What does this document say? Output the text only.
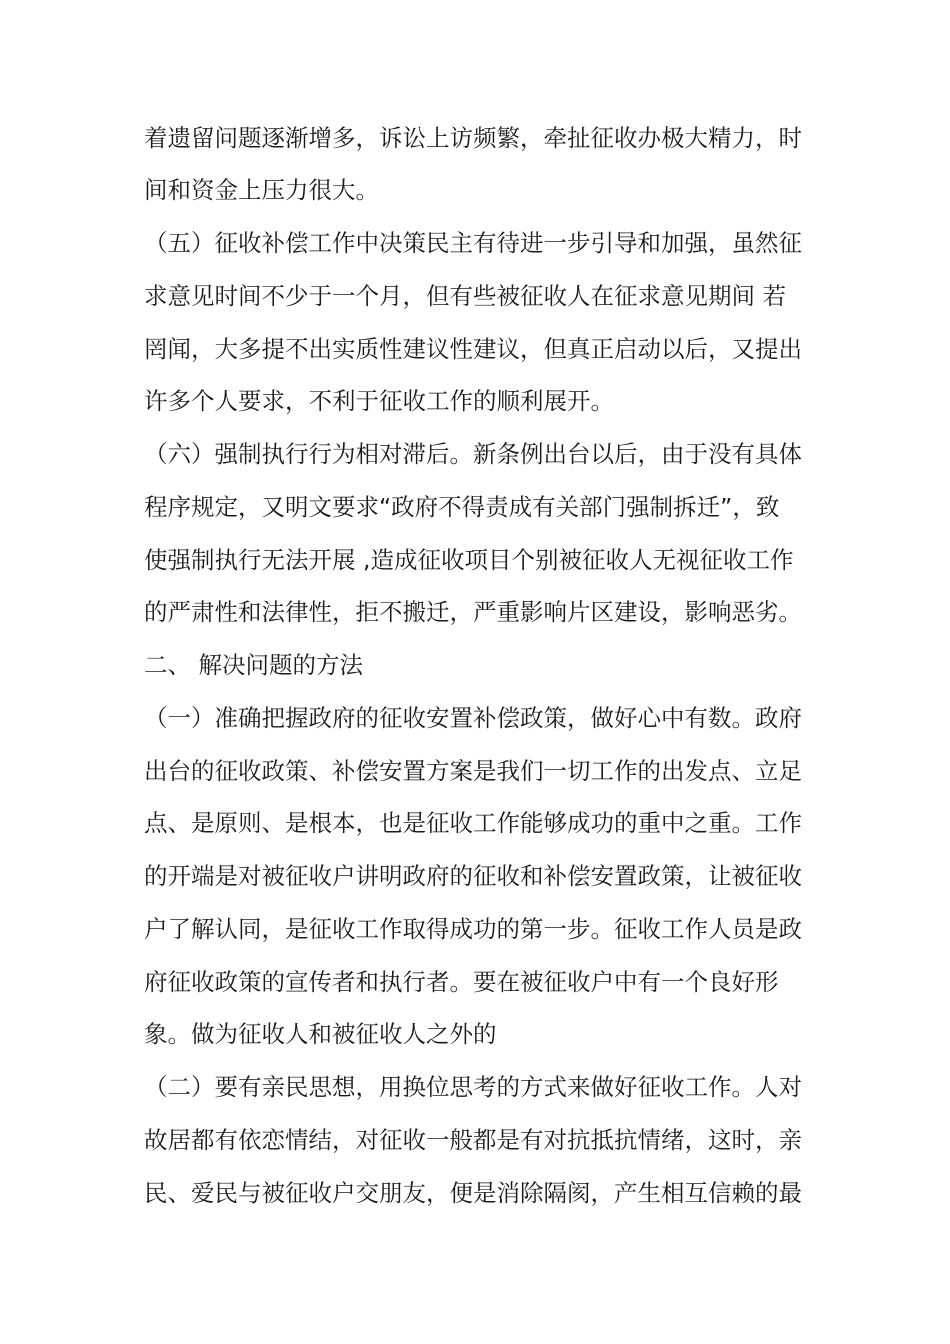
着遗留问题逐渐增多，诉讼上访频繁，牵扯征收办极大精力，时
间和资金上压力很大。
（五）征收补偿工作中决策民主有待进一步引导和加强，虽然征
求意见时间不少于一个月，但有些被征收人在征求意见期间 若
罔闻，大多提不出实质性建议性建议，但真正启动以后，又提出
许多个人要求，不利于征收工作的顺利展开。
（六）强制执行行为相对滞后。新条例出台以后，由于没有具体
程序规定，又明文要求“政府不得责成有关部门强制拆迁”，致
使强制执行无法开展 ,造成征收项目个别被征收人无视征收工作
的严肃性和法律性，拒不搬迁，严重影响片区建设，影响恶劣。
二、 解决问题的方法
（一）准确把握政府的征收安置补偿政策，做好心中有数。政府
出台的征收政策、补偿安置方案是我们一切工作的出发点、立足
点、是原则、是根本，也是征收工作能够成功的重中之重。工作
的开端是对被征收户讲明政府的征收和补偿安置政策，让被征收
户了解认同，是征收工作取得成功的第一步。征收工作人员是政
府征收政策的宣传者和执行者。要在被征收户中有一个良好形
象。做为征收人和被征收人之外的
（二）要有亲民思想，用换位思考的方式来做好征收工作。人对
故居都有依恋情结，对征收一般都是有对抗抵抗情绪，这时，亲
民、爱民与被征收户交朋友，便是消除隔阂，产生相互信赖的最
